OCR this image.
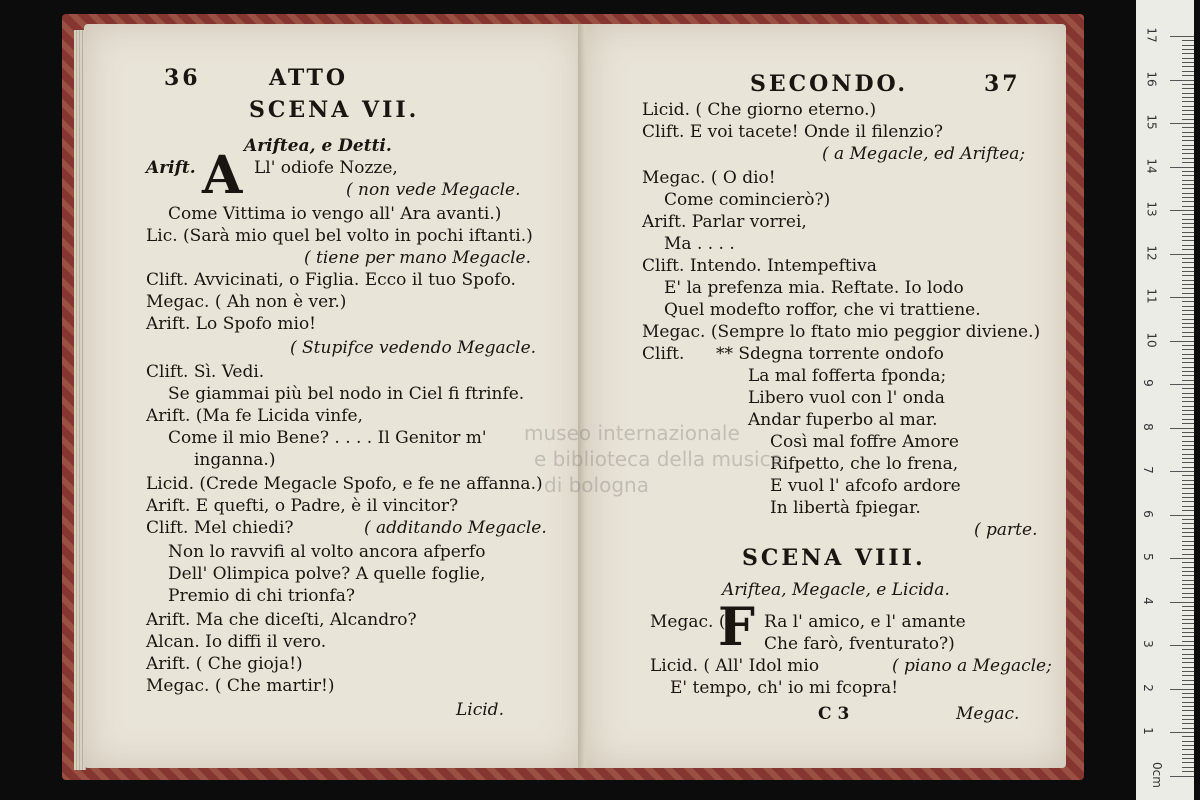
36	ATTO
SCENA VII.
Ariftea, e Detti.
Arift. A Ll' odiofe Nozze,
( non vede Megacle.
Come Vittima io vengo all' Ara avanti.)
Lic. (Sarà mio quel bel volto in pochi iftanti.)
( tiene per mano Megacle.
Clift. Avvicinati, o Figlia. Ecco il tuo Spofo.
Megac. ( Ah non è ver.)
Arift. Lo Spofo mio!
( Stupifce vedendo Megacle.
Clift. Sì. Vedi.
Se giammai più bel nodo in Ciel fi ftrinfe.
Arift. (Ma fe Licida vinfe,
Come il mio Bene? . . . . Il Genitor m'
inganna.)
Licid. (Crede Megacle Spofo, e fe ne affanna.)
Arift. E quefti, o Padre, è il vincitor?
Clift. Mel chiedi?	( additando Megacle.
Non lo ravvifi al volto ancora afperfo
Dell' Olimpica polve? A quelle foglie,
Premio di chi trionfa?
Arift. Ma che diceſti, Alcandro?
Alcan. Io diffi il vero.
Arift. ( Che gioja!)
Megac. ( Che martir!)
Licid.
SECONDO.	37
Licid. ( Che giorno eterno.)
Clift. E voi tacete! Onde il filenzio?
( a Megacle, ed Ariftea;
Megac. ( O dio!
Come comincierò?)
Arift. Parlar vorrei,
Ma . . . .
Clift. Intendo. Intempeftiva
E' la prefenza mia. Reftate. Io lodo
Quel modefto roffor, che vi trattiene.
Megac. (Sempre lo ftato mio peggior diviene.)
Clift. ** Sdegna torrente ondofo
La mal fofferta fponda;
Libero vuol con l' onda
Andar fuperbo al mar.
Così mal foffre Amore
Rifpetto, che lo frena,
E vuol l' afcofo ardore
In libertà fpiegar.
( parte.
SCENA VIII.
Ariftea, Megacle, e Licida.
Megac. (
F Ra l' amico, e l' amante
Che farò, fventurato?)
Licid. ( All' Idol mio	( piano a Megacle;
E' tempo, ch' io mi fcopra!
C 3	Megac.
museo internazionale
e biblioteca della musica
di bologna
17
16
15
14
13
12
11
10
9
8
7
6
5
4
3
2
1
0cm
